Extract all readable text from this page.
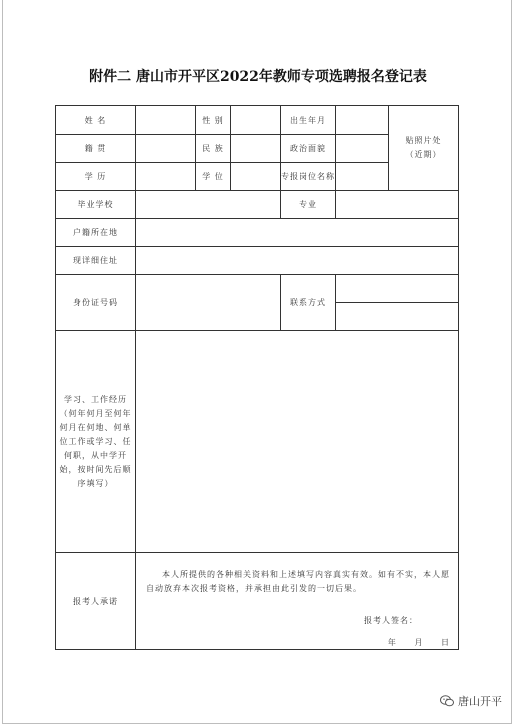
附件二 唐山市开平区2022年教师专项选聘报名登记表
姓 名		性 别		出生年月		贴照片处
（近期）

籍 贯		民 族		政治面貌		
学 历		学 位		专报岗位名称		
毕业学校				专业		
户籍所在地						
现详细住址						
身份证号码				联系方式		

学习、工作经历（何年何月至何年何月在何地、何单位工作或学习、任何职，从中学开始，按时间先后顺序填写）						
报考人承诺	本人所提供的各种相关资料和上述填写内容真实有效。如有不实，本人愿自动放弃本次报考资格，并承担由此引发的一切后果。
报考人签名：
年 月 日					
唐山开平
